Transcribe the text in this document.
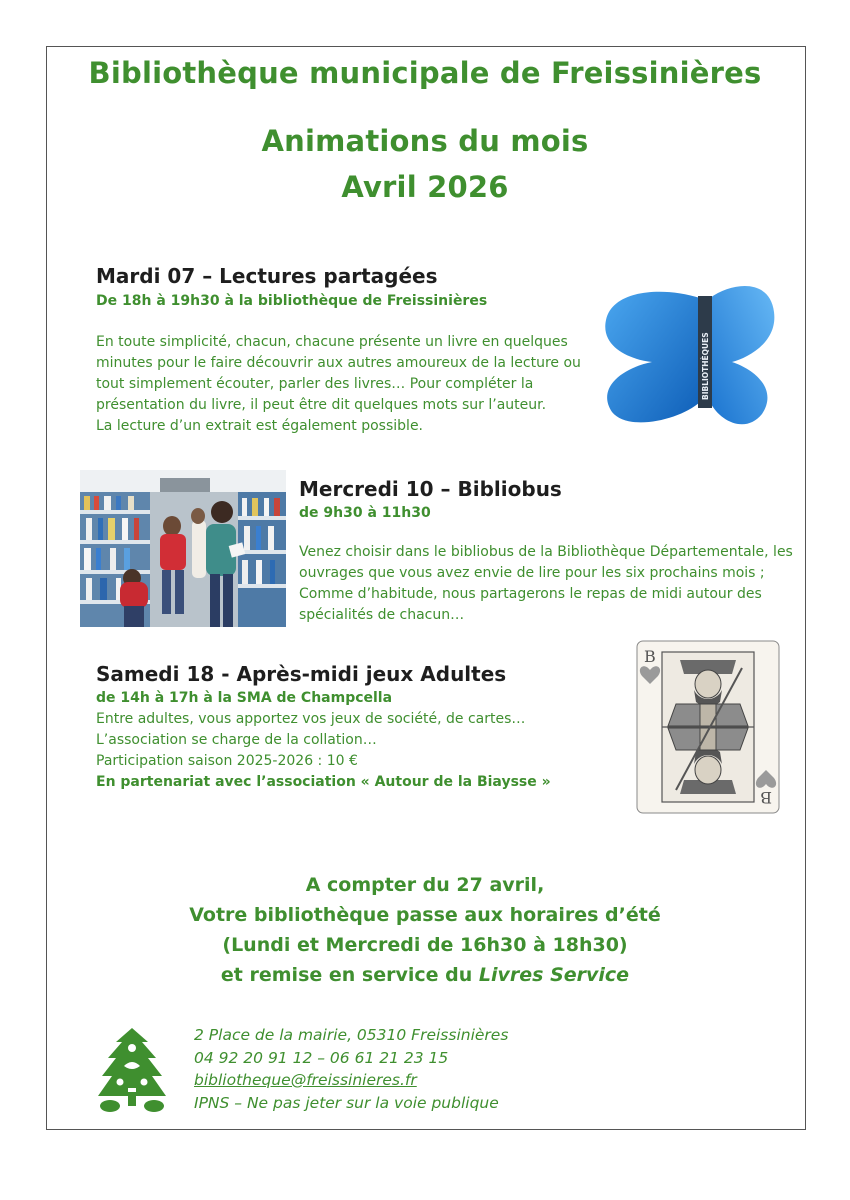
Bibliothèque municipale de Freissinières
Animations du mois
Avril 2026
Mardi 07 – Lectures partagées
De 18h à 19h30 à la bibliothèque de Freissinières
En toute simplicité, chacun, chacune présente un livre en quelques
minutes pour le faire découvrir aux autres amoureux de la lecture ou
tout simplement écouter, parler des livres… Pour compléter la
présentation du livre, il peut être dit quelques mots sur l’auteur.
La lecture d’un extrait est également possible.
BIBLIOTHÈQUES
Mercredi 10 – Bibliobus
de 9h30 à 11h30
Venez choisir dans le bibliobus de la Bibliothèque Départementale, les
ouvrages que vous avez envie de lire pour les six prochains mois ;
Comme d’habitude, nous partagerons le repas de midi autour des
spécialités de chacun…
Samedi 18 - Après-midi jeux Adultes
de 14h à 17h à la SMA de Champcella
Entre adultes, vous apportez vos jeux de société, de cartes…
L’association se charge de la collation…
Participation saison 2025-2026 : 10 €
En partenariat avec l’association « Autour de la Biaysse »
B
B
A compter du 27 avril,
Votre bibliothèque passe aux horaires d’été
(Lundi et Mercredi de 16h30 à 18h30)
et remise en service du Livres Service
2 Place de la mairie, 05310 Freissinières
04 92 20 91 12 – 06 61 21 23 15
bibliotheque@freissinieres.fr
IPNS – Ne pas jeter sur la voie publique
